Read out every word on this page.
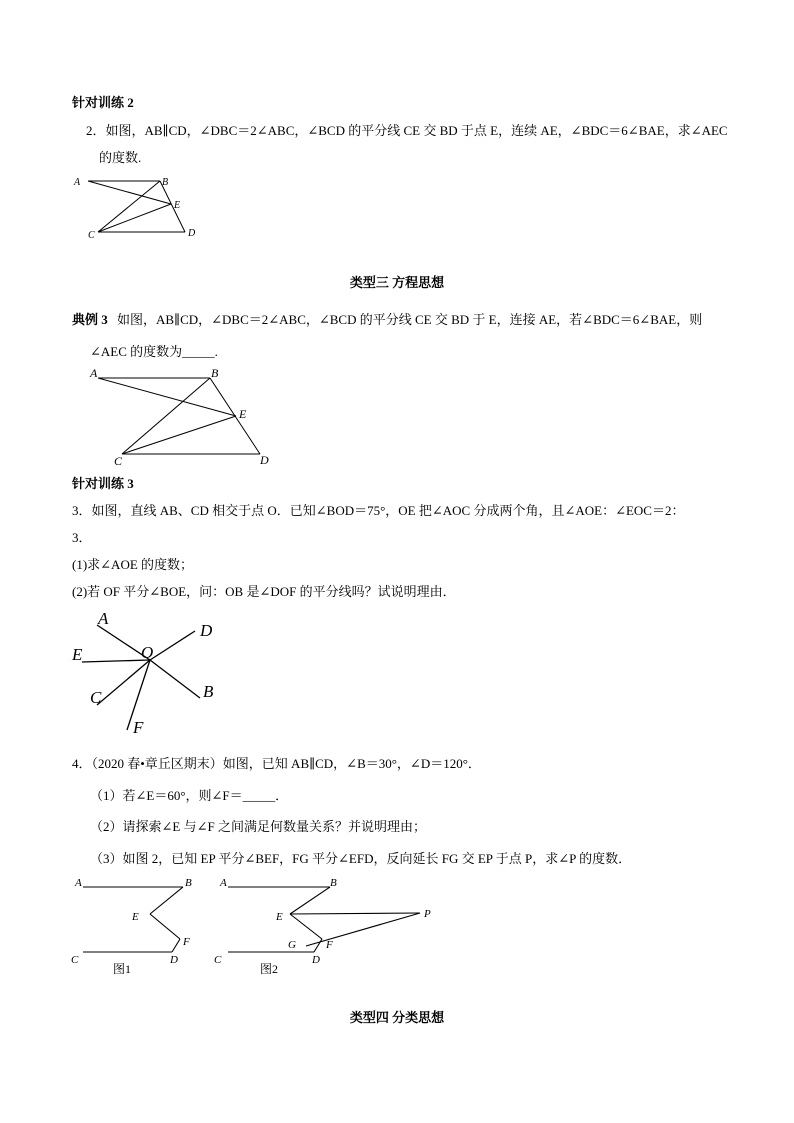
针对训练 2
2．如图，AB∥CD，∠DBC＝2∠ABC，∠BCD 的平分线 CE 交 BD 于点 E，连续 AE，∠BDC＝6∠BAE，求∠AEC
的度数.
A	B
E
C	D
类型三 方程思想
典例 3 如图，AB∥CD，∠DBC＝2∠ABC，∠BCD 的平分线 CE 交 BD 于 E，连接 AE，若∠BDC＝6∠BAE，则
∠AEC 的度数为_____.
A	B
E
C	D
针对训练 3
3．如图，直线 AB、CD 相交于点 O．已知∠BOD＝75°，OE 把∠AOC 分成两个角，且∠AOE：∠EOC＝2：
3．
(1)求∠AOE 的度数；
(2)若 OF 平分∠BOE，问：OB 是∠DOF 的平分线吗？试说明理由．
A
D
O
E
C	B
F
4．（2020 春•章丘区期末）如图，已知 AB∥CD，∠B＝30°，∠D＝120°．
（1）若∠E＝60°，则∠F＝_____．
（2）请探索∠E 与∠F 之间满足何数量关系？并说明理由；
（3）如图 2，已知 EP 平分∠BEF，FG 平分∠EFD，反向延长 FG 交 EP 于点 P，求∠P 的度数．
A	B
E
F
C	D
图1
A	B
E	P
G	F
C	D
图2
类型四 分类思想
